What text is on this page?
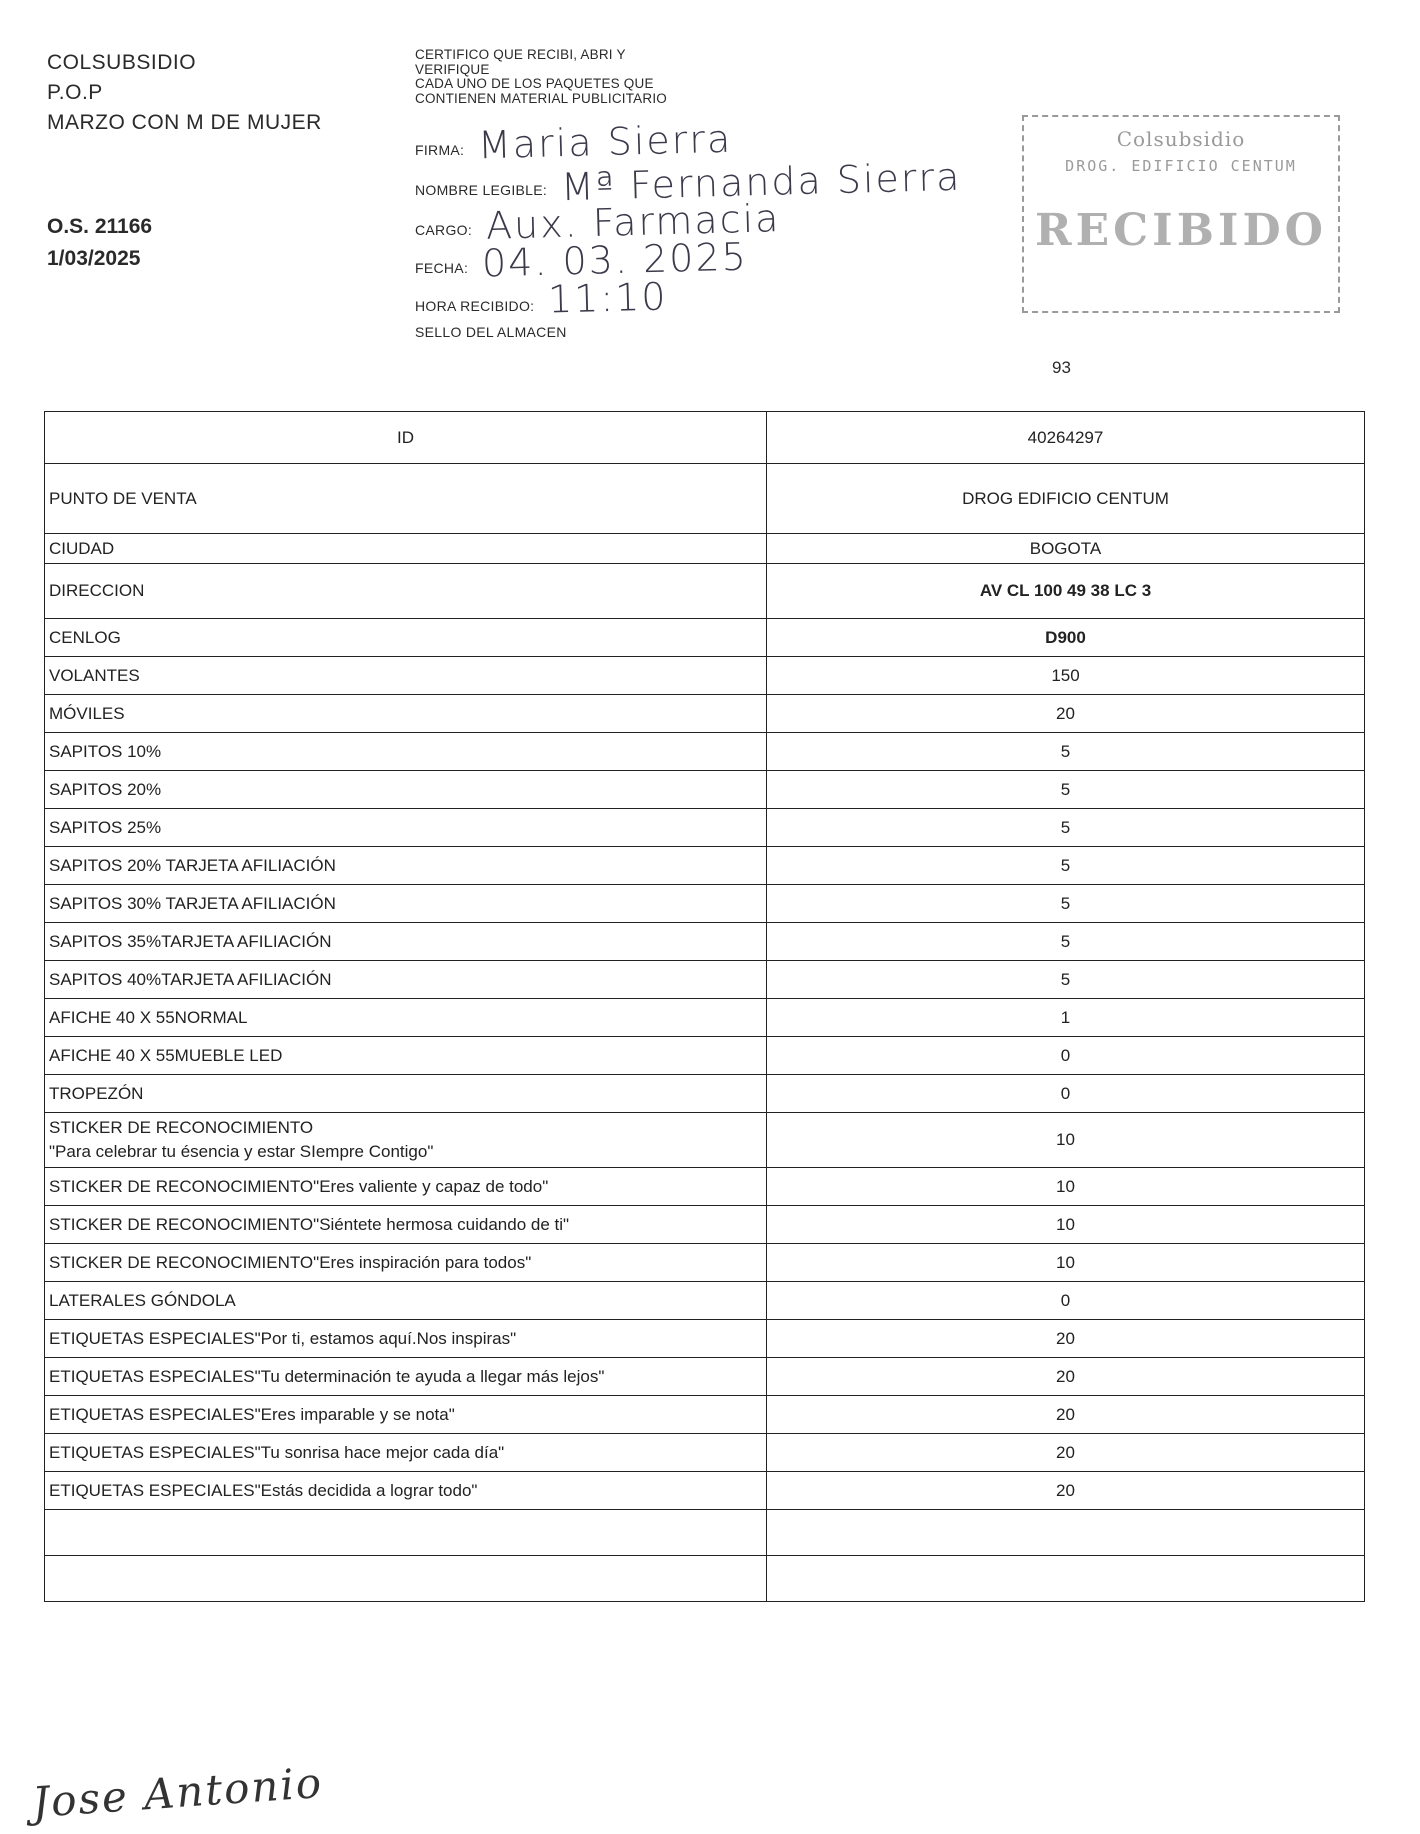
COLSUBSIDIO
P.O.P
MARZO CON M DE MUJER
O.S. 21166
1/03/2025
CERTIFICO QUE RECIBI, ABRI Y
VERIFIQUE
CADA UNO DE LOS PAQUETES QUE
CONTIENEN MATERIAL PUBLICITARIO
FIRMA: Maria Sierra
NOMBRE LEGIBLE: Mª Fernanda Sierra
CARGO: Aux. Farmacia
FECHA: 04. 03. 2025
HORA RECIBIDO: 11:10
SELLO DEL ALMACEN
Colsubsidio
DROG. EDIFICIO CENTUM
RECIBIDO
93
ID	40264297
PUNTO DE VENTA	DROG EDIFICIO CENTUM
CIUDAD	BOGOTA
DIRECCION	AV CL 100 49 38 LC 3
CENLOG	D900
VOLANTES	150
MÓVILES	20
SAPITOS 10%	5
SAPITOS 20%	5
SAPITOS 25%	5
SAPITOS 20% TARJETA AFILIACIÓN	5
SAPITOS 30% TARJETA AFILIACIÓN	5
SAPITOS 35%TARJETA AFILIACIÓN	5
SAPITOS 40%TARJETA AFILIACIÓN	5
AFICHE 40 X 55NORMAL	1
AFICHE 40 X 55MUEBLE LED	0
TROPEZÓN	0

STICKER DE RECONOCIMIENTO
"Para celebrar tu ésencia y estar SIempre Contigo"	10
STICKER DE RECONOCIMIENTO"Eres valiente y capaz de todo"	10
STICKER DE RECONOCIMIENTO"Siéntete hermosa cuidando de ti"	10
STICKER DE RECONOCIMIENTO"Eres inspiración para todos"	10
LATERALES GÓNDOLA	0
ETIQUETAS ESPECIALES"Por ti, estamos aquí.Nos inspiras"	20
ETIQUETAS ESPECIALES"Tu determinación te ayuda a llegar más lejos"	20
ETIQUETAS ESPECIALES"Eres imparable y se nota"	20
ETIQUETAS ESPECIALES"Tu sonrisa hace mejor cada día"	20
ETIQUETAS ESPECIALES"Estás decidida a lograr todo"	20

Jose Antonio
